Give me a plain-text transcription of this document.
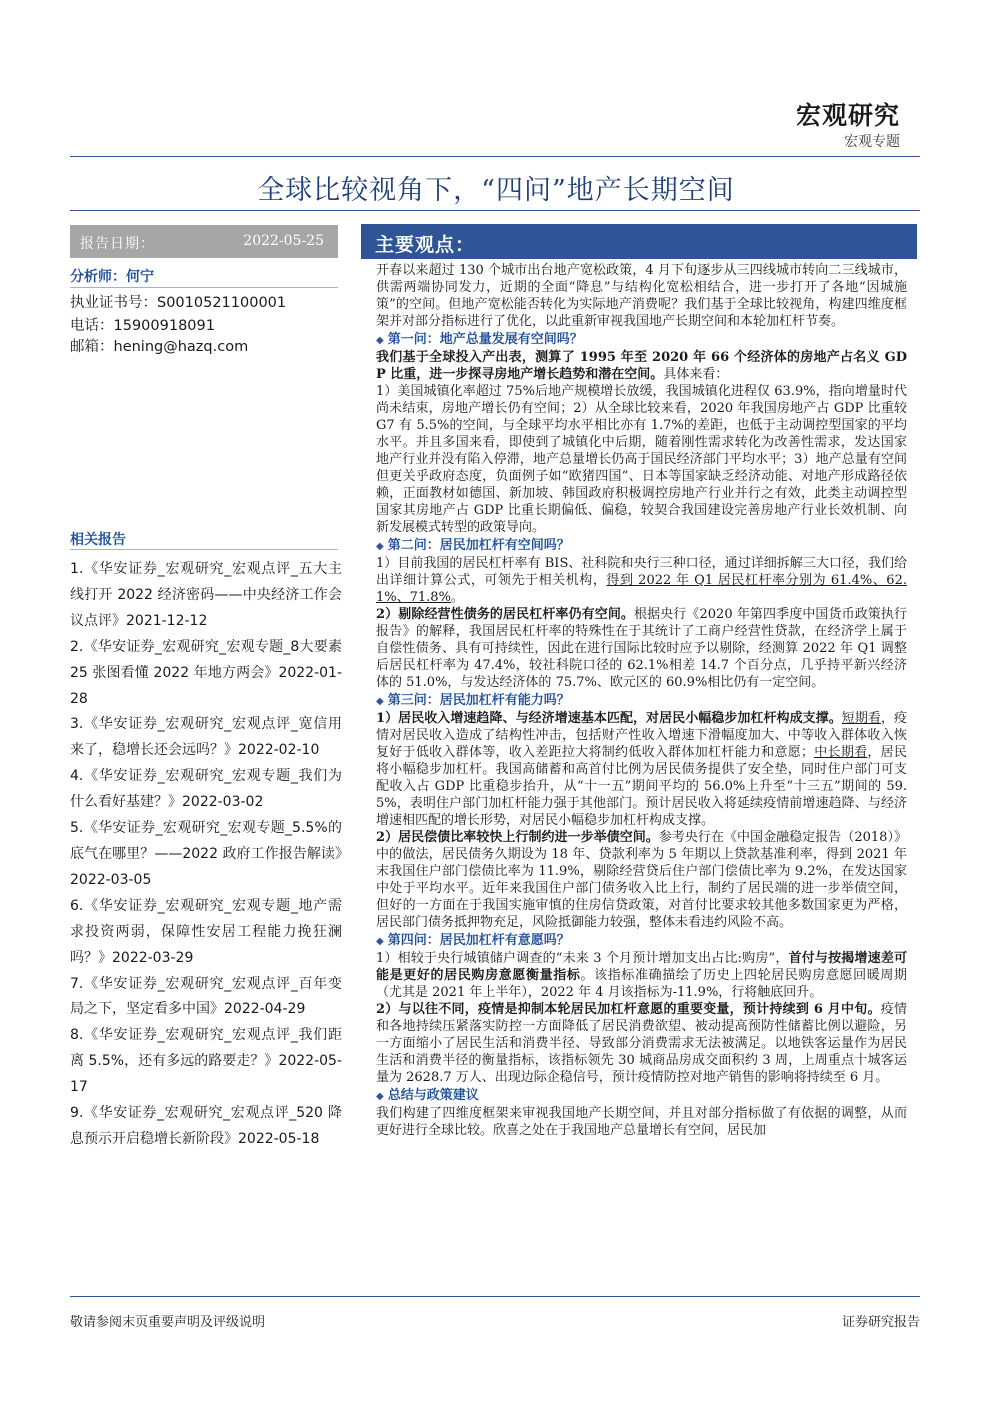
宏观研究
宏观专题
全球比较视角下，“四问”地产长期空间
报告日期：	2022-05-25
分析师：何宁
执业证书号：S0010521100001
电话：15900918091
邮箱：hening@hazq.com
相关报告

1.《华安证券_宏观研究_宏观点评_五大主线打开 2022 经济密码——中央经济工作会议点评》2021-12-12

2.《华安证券_宏观研究_宏观专题_8大要素 25 张图看懂 2022 年地方两会》2022-01-28

3.《华安证券_宏观研究_宏观点评_宽信用来了，稳增长还会远吗？》2022-02-10

4.《华安证券_宏观研究_宏观专题_我们为什么看好基建？》2022-03-02

5.《华安证券_宏观研究_宏观专题_5.5%的底气在哪里？——2022 政府工作报告解读》2022-03-05

6.《华安证券_宏观研究_宏观专题_地产需求投资两弱，保障性安居工程能力挽狂澜吗？》2022-03-29

7.《华安证券_宏观研究_宏观点评_百年变局之下，坚定看多中国》2022-04-29

8.《华安证券_宏观研究_宏观点评_我们距离 5.5%，还有多远的路要走？》2022-05-17

9.《华安证券_宏观研究_宏观点评_520 降息预示开启稳增长新阶段》2022-05-18

主要观点：

开春以来超过 130 个城市出台地产宽松政策，4 月下旬逐步从三四线城市转向二三线城市，供需两端协同发力，近期的全面“降息”与结构化宽松相结合，进一步打开了各地“因城施策”的空间。但地产宽松能否转化为实际地产消费呢？我们基于全球比较视角，构建四维度框架并对部分指标进行了优化，以此重新审视我国地产长期空间和本轮加杠杆节奏。

◆ 第一问：地产总量发展有空间吗？

我们基于全球投入产出表，测算了 1995 年至 2020 年 66 个经济体的房地产占名义 GDP 比重，进一步探寻房地产增长趋势和潜在空间。具体来看：

1）美国城镇化率超过 75%后地产规模增长放缓，我国城镇化进程仅 63.9%，指向增量时代尚未结束，房地产增长仍有空间；2）从全球比较来看，2020 年我国房地产占 GDP 比重较 G7 有 5.5%的空间，与全球平均水平相比亦有 1.7%的差距，也低于主动调控型国家的平均水平。并且多国来看，即使到了城镇化中后期，随着刚性需求转化为改善性需求，发达国家地产行业并没有陷入停滞，地产总量增长仍高于国民经济部门平均水平；3）地产总量有空间但更关乎政府态度，负面例子如“欧猪四国”、日本等国家缺乏经济动能、对地产形成路径依赖，正面教材如德国、新加坡、韩国政府积极调控房地产行业并行之有效，此类主动调控型国家其房地产占 GDP 比重长期偏低、偏稳，较契合我国建设完善房地产行业长效机制、向新发展模式转型的政策导向。

◆ 第二问：居民加杠杆有空间吗？

1）目前我国的居民杠杆率有 BIS、社科院和央行三种口径，通过详细拆解三大口径，我们给出详细计算公式，可领先于相关机构，得到 2022 年 Q1 居民杠杆率分别为 61.4%、62.1%、71.8%。

2）剔除经营性债务的居民杠杆率仍有空间。根据央行《2020 年第四季度中国货币政策执行报告》的解释，我国居民杠杆率的特殊性在于其统计了工商户经营性贷款，在经济学上属于自偿性债务、具有可持续性，因此在进行国际比较时应予以剔除，经测算 2022 年 Q1 调整后居民杠杆率为 47.4%，较社科院口径的 62.1%相差 14.7 个百分点，几乎持平新兴经济体的 51.0%，与发达经济体的 75.7%、欧元区的 60.9%相比仍有一定空间。

◆ 第三问：居民加杠杆有能力吗？

1）居民收入增速趋降、与经济增速基本匹配，对居民小幅稳步加杠杆构成支撑。短期看，疫情对居民收入造成了结构性冲击，包括财产性收入增速下滑幅度加大、中等收入群体收入恢复好于低收入群体等，收入差距拉大将制约低收入群体加杠杆能力和意愿；中长期看，居民将小幅稳步加杠杆。我国高储蓄和高首付比例为居民债务提供了安全垫，同时住户部门可支配收入占 GDP 比重稳步抬升，从“十一五”期间平均的 56.0%上升至“十三五”期间的 59.5%，表明住户部门加杠杆能力强于其他部门。预计居民收入将延续疫情前增速趋降、与经济增速相匹配的增长形势，对居民小幅稳步加杠杆构成支撑。

2）居民偿债比率较快上行制约进一步举债空间。参考央行在《中国金融稳定报告（2018）》中的做法，居民债务久期设为 18 年、贷款利率为 5 年期以上贷款基准利率，得到 2021 年末我国住户部门偿债比率为 11.9%，剔除经营贷后住户部门偿债比率为 9.2%，在发达国家中处于平均水平。近年来我国住户部门债务收入比上行，制约了居民端的进一步举债空间，但好的一方面在于我国实施审慎的住房信贷政策，对首付比要求较其他多数国家更为严格，居民部门债务抵押物充足，风险抵御能力较强，整体未看违约风险不高。

◆ 第四问：居民加杠杆有意愿吗？

1）相较于央行城镇储户调查的“未来 3 个月预计增加支出占比:购房”，首付与按揭增速差可能是更好的居民购房意愿衡量指标。该指标准确描绘了历史上四轮居民购房意愿回暖周期（尤其是 2021 年上半年），2022 年 4 月该指标为-11.9%，行将触底回升。

2）与以往不同，疫情是抑制本轮居民加杠杆意愿的重要变量，预计持续到 6 月中旬。疫情和各地持续压紧落实防控一方面降低了居民消费欲望、被动提高预防性储蓄比例以避险，另一方面缩小了居民生活和消费半径、导致部分消费需求无法被满足。以地铁客运量作为居民生活和消费半径的衡量指标，该指标领先 30 城商品房成交面积约 3 周，上周重点十城客运量为 2628.7 万人、出现边际企稳信号，预计疫情防控对地产销售的影响将持续至 6 月。

◆ 总结与政策建议

我们构建了四维度框架来审视我国地产长期空间，并且对部分指标做了有依据的调整，从而更好进行全球比较。欣喜之处在于我国地产总量增长有空间，居民加

敬请参阅末页重要声明及评级说明	证券研究报告
